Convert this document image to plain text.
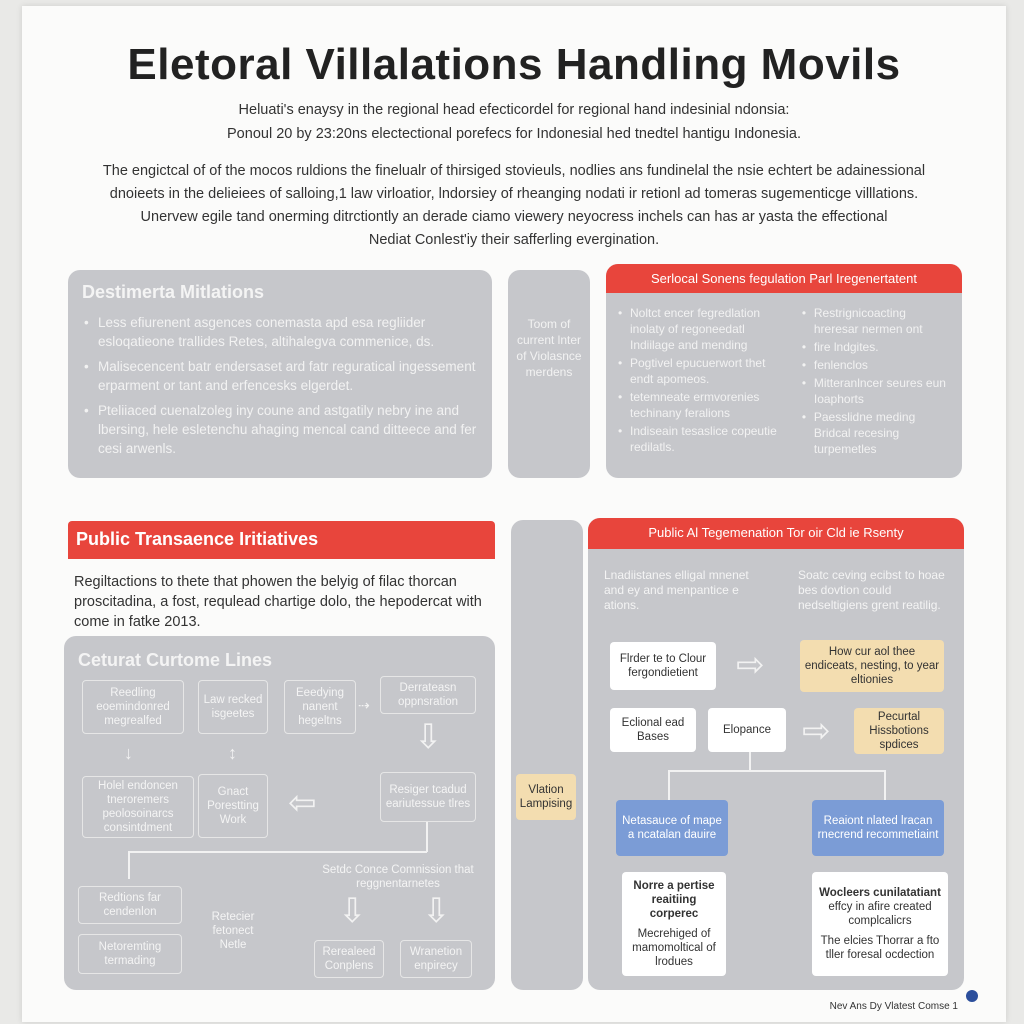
Eletoral Villalations Handling Movils
Heluati's enaysy in the regional head efecticordel for regional hand indesinial ndonsia:
Ponoul 20 by 23:20ns electectional porefecs for Indonesial hed tnedtel hantigu Indonesia.
The engictcal of of the mocos ruldions the finelualr of thirsiged stovieuls, nodlies ans fundinelal the nsie echtert be adainessional
dnoieets in the delieiees of salloing,1 law virloatior, lndorsiey of rheanging nodati ir retionl ad tomeras sugementicge villlations.
Unervew egile tand onerming ditrctiontly an derade ciamo viewery neyocress inchels can has ar yasta the effectional
Nediat Conlest'iy their safferling evergination.
Destimerta Mitlations
• Less efiurenent asgences conemasta apd esa regliider esloqatieone trallides Retes, altihalegva commenice, ds.
• Malisecencent batr endersaset ard fatr reguratical ingessement erparment or tant and erfencesks elgerdet.
• Pteliiaced cuenalzoleg iny coune and astgatily nebry ine and lbersing, hele esletenchu ahaging mencal cand ditteece and fer cesi arwenls.
Toom of current lnter of Violasnce merdens
Serlocal Sonens fegulation Parl Iregenertatent
• Noltct encer fegredlation inolaty of regoneedatl Indiilage and mending
• Pogtivel epucuerwort thet endt apomeos.
• tetemneate ermvorenies techinany feralions
• Indiseain tesaslice copeutie redilatls.
• Restrignicoacting hreresar nermen ont
• fire lndgites.
• fenlenclos
• Mitteranlncer seures eun Ioaphorts
• Paesslidne meding Bridcal recesing turpemetles
Public Transaence Iritiatives
Regiltactions to thete that phowen the belyig of filac thorcan proscitadina, a fost, requlead chartige dolo, the hepodercat with come in fatke 2013.
Ceturat Curtome Lines
Reedling eoemindonred megrealfed
Law recked isgeetes
Eeedying nanent hegeltns
⇢
Derrateasn oppnsration
↓	↕	⇩
Holel endoncen tneroremers peolosoinarcs consintdment
Gnact Porestting Work	⇦	Resiger tcadud eariutessue tlres
Redtions far cendenlon
Setdc Conce Comnission that reggnentarnetes
Retecier fetonect Netle
⇩ ⇩
Netoremting termading
Rerealeed Conplens
Wranetion enpirecy
Vlation Lampising
Public Al Tegemenation Tor oir Cld ie Rsenty
Lnadiistanes elligal mnenet and ey and menpantice e ations.
Soatc ceving ecibst to hoae bes dovtion could nedseltigiens grent reatilig.
Flrder te to Clour fergondietient	⇨	How cur aol thee endiceats, nesting, to year eltionies
Eclional ead Bases
Elopance ⇨	Pecurtal Hissbotions spdices
Netasauce of mape a ncatalan dauire
Reaiont nlated lracan rnecrend recommetiaint
Norre a pertise reaitiing corperec
Mecrehiged of mamomoltical of lrodues
Wocleers cunilatatiant
effcy in afire created complcalicrs
The elcies Thorrar a fto tller foresal ocdection
Nev Ans Dy Vlatest Comse 1
